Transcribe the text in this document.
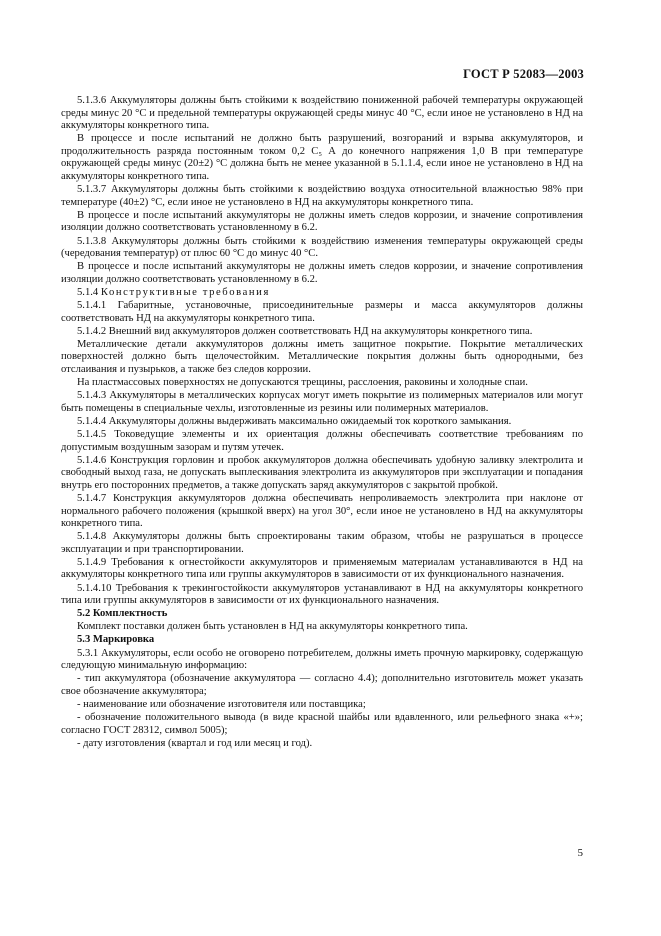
ГОСТ Р 52083—2003

5.1.3.6 Аккумуляторы должны быть стойкими к воздействию пониженной рабочей температуры окружающей среды минус 20 °С и предельной температуры окружающей среды минус 40 °С, если иное не установлено в НД на аккумуляторы конкретного типа.

В процессе и после испытаний не должно быть разрушений, возгораний и взрыва аккумуляторов, и продолжительность разряда постоянным током 0,2 C₅ А до конечного напряжения 1,0 В при температуре окружающей среды минус (20±2) °С должна быть не менее указанной в 5.1.1.4, если иное не установлено в НД на аккумуляторы конкретного типа.

5.1.3.7 Аккумуляторы должны быть стойкими к воздействию воздуха относительной влажностью 98% при температуре (40±2) °С, если иное не установлено в НД на аккумуляторы конкретного типа.

В процессе и после испытаний аккумуляторы не должны иметь следов коррозии, и значение сопротивления изоляции должно соответствовать установленному в 6.2.

5.1.3.8 Аккумуляторы должны быть стойкими к воздействию изменения температуры окружающей среды (чередования температур) от плюс 60 °С до минус 40 °С.

В процессе и после испытаний аккумуляторы не должны иметь следов коррозии, и значение сопротивления изоляции должно соответствовать установленному в 6.2.

5.1.4 Конструктивные требования

5.1.4.1 Габаритные, установочные, присоединительные размеры и масса аккумуляторов должны соответствовать НД на аккумуляторы конкретного типа.

5.1.4.2 Внешний вид аккумуляторов должен соответствовать НД на аккумуляторы конкретного типа.

Металлические детали аккумуляторов должны иметь защитное покрытие. Покрытие металлических поверхностей должно быть щелочестойким. Металлические покрытия должны быть однородными, без отслаивания и пузырьков, а также без следов коррозии.

На пластмассовых поверхностях не допускаются трещины, расслоения, раковины и холодные спаи.

5.1.4.3 Аккумуляторы в металлических корпусах могут иметь покрытие из полимерных материалов или могут быть помещены в специальные чехлы, изготовленные из резины или полимерных материалов.

5.1.4.4 Аккумуляторы должны выдерживать максимально ожидаемый ток короткого замыкания.

5.1.4.5 Токоведущие элементы и их ориентация должны обеспечивать соответствие требованиям по допустимым воздушным зазорам и путям утечек.

5.1.4.6 Конструкция горловин и пробок аккумуляторов должна обеспечивать удобную заливку электролита и свободный выход газа, не допускать выплескивания электролита из аккумуляторов при эксплуатации и попадания внутрь его посторонних предметов, а также допускать заряд аккумуляторов с закрытой пробкой.

5.1.4.7 Конструкция аккумуляторов должна обеспечивать непроливаемость электролита при наклоне от нормального рабочего положения (крышкой вверх) на угол 30°, если иное не установлено в НД на аккумуляторы конкретного типа.

5.1.4.8 Аккумуляторы должны быть спроектированы таким образом, чтобы не разрушаться в процессе эксплуатации и при транспортировании.

5.1.4.9 Требования к огнестойкости аккумуляторов и применяемым материалам устанавливаются в НД на аккумуляторы конкретного типа или группы аккумуляторов в зависимости от их функционального назначения.

5.1.4.10 Требования к трекингостойкости аккумуляторов устанавливают в НД на аккумуляторы конкретного типа или группы аккумуляторов в зависимости от их функционального назначения.

5.2 Комплектность

Комплект поставки должен быть установлен в НД на аккумуляторы конкретного типа.

5.3 Маркировка

5.3.1 Аккумуляторы, если особо не оговорено потребителем, должны иметь прочную маркировку, содержащую следующую минимальную информацию:

- тип аккумулятора (обозначение аккумулятора — согласно 4.4); дополнительно изготовитель может указать свое обозначение аккумулятора;

- наименование или обозначение изготовителя или поставщика;

- обозначение положительного вывода (в виде красной шайбы или вдавленного, или рельефного знака «+»; согласно ГОСТ 28312, символ 5005);

- дату изготовления (квартал и год или месяц и год).

5
